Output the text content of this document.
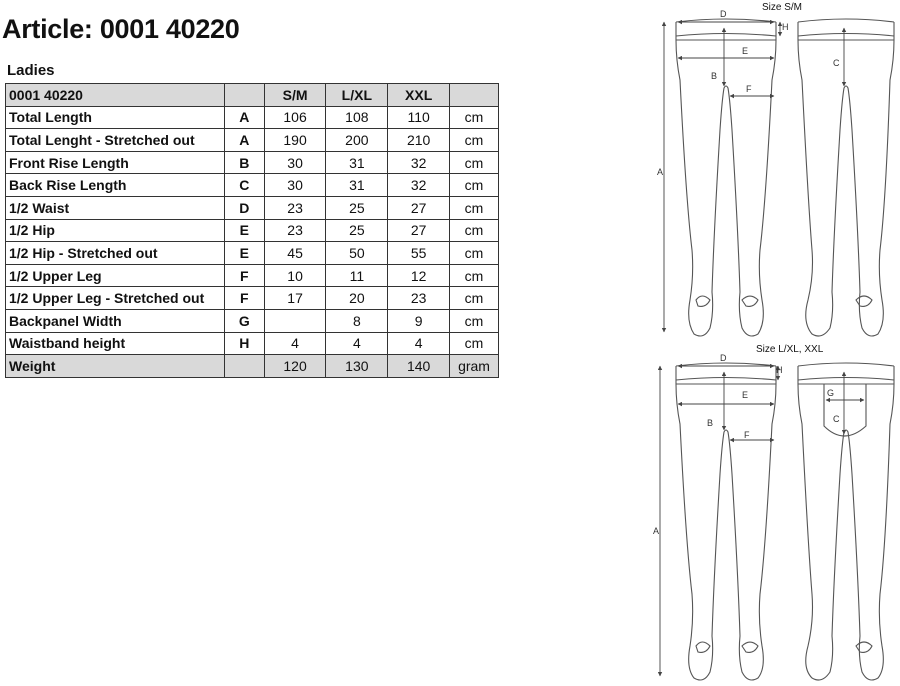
Article: 0001 40220
Ladies
0001 40220		S/M	L/XL	XXL	
Total Length	A	106	108	110	cm
Total Lenght - Stretched out	A	190	200	210	cm
Front Rise Length	B	30	31	32	cm
Back Rise Length	C	30	31	32	cm
1/2 Waist	D	23	25	27	cm
1/2 Hip	E	23	25	27	cm
1/2 Hip - Stretched out	E	45	50	55	cm
1/2 Upper Leg	F	10	11	12	cm
1/2 Upper Leg - Stretched out	F	17	20	23	cm
Backpanel Width	G		8	9	cm
Waistband height	H	4	4	4	cm
Weight		120	130	140	gram
Size S/M
D
H
E
B
F
A
C
Size L/XL, XXL
D
H
E
B
F
A
G
C
